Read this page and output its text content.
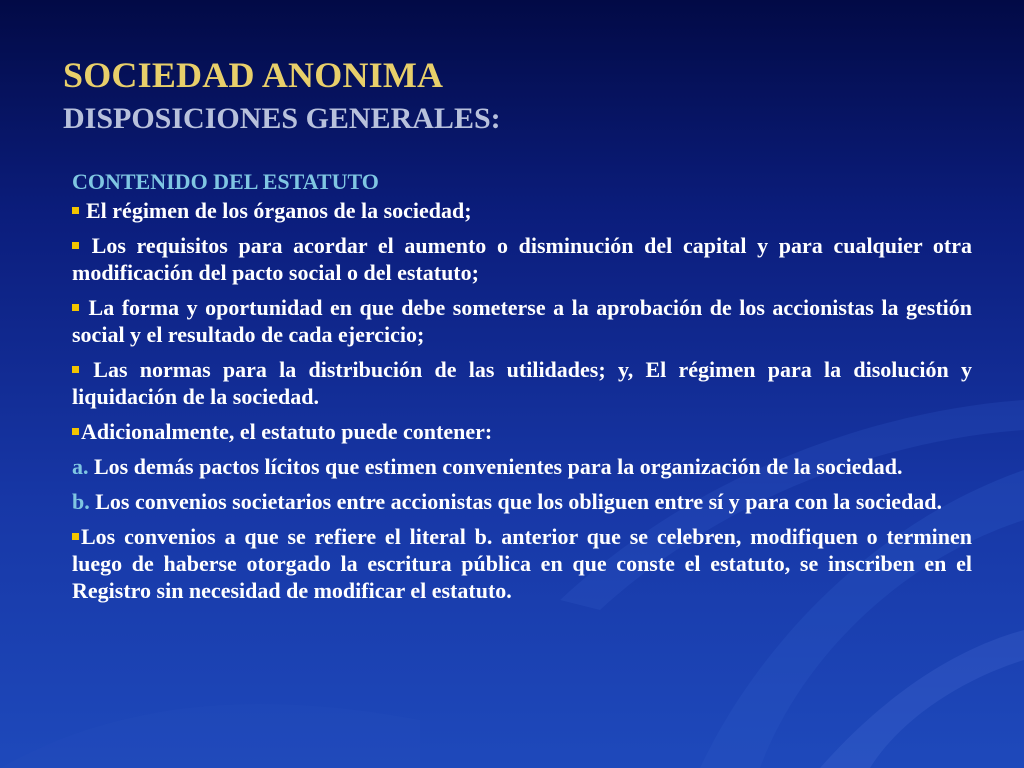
SOCIEDAD ANONIMA
DISPOSICIONES GENERALES:

CONTENIDO DEL ESTATUTO

El régimen de los órganos de la sociedad;

Los requisitos para acordar el aumento o disminución del capital y para cualquier otra modificación del pacto social o del estatuto;

La forma y oportunidad en que debe someterse a la aprobación de los accionistas la gestión social y el resultado de cada ejercicio;

Las normas para la distribución de las utilidades; y, El régimen para la disolución y liquidación de la sociedad.

Adicionalmente, el estatuto puede contener:

a. Los demás pactos lícitos que estimen convenientes para la organización de la sociedad.

b. Los convenios societarios entre accionistas que los obliguen entre sí y para con la sociedad.

Los convenios a que se refiere el literal b. anterior que se celebren, modifiquen o terminen luego de haberse otorgado la escritura pública en que conste el estatuto, se inscriben en el Registro sin necesidad de modificar el estatuto.
